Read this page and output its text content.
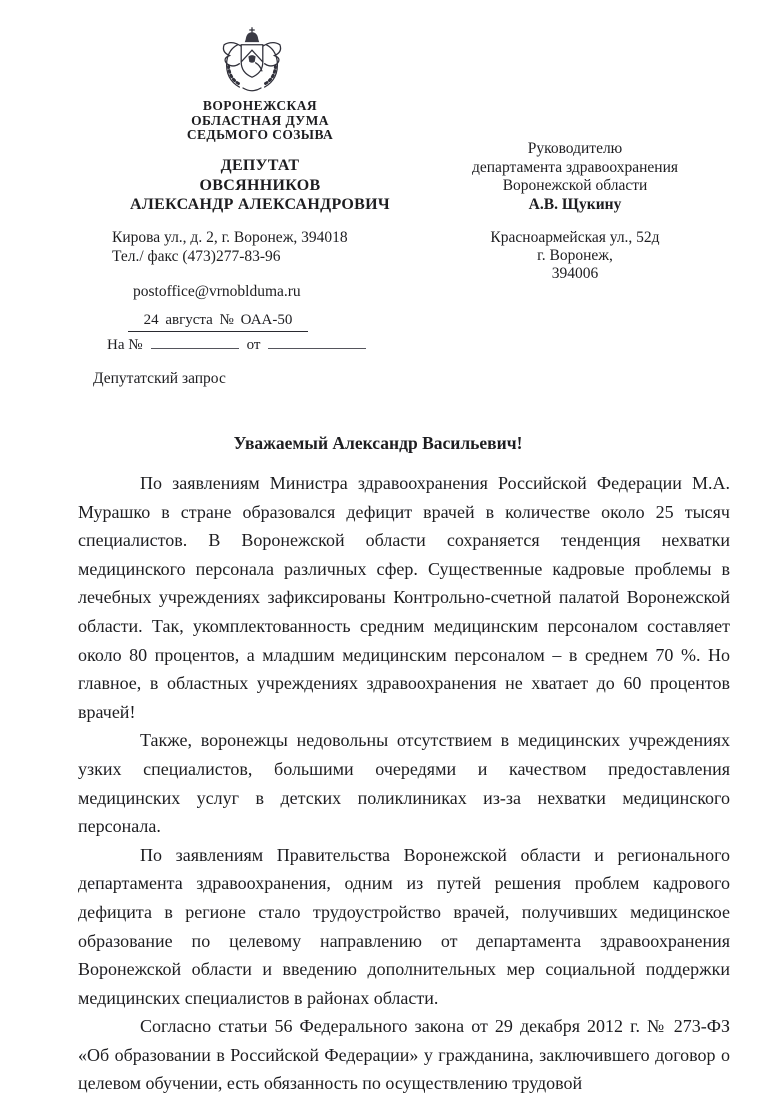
ВОРОНЕЖСКАЯ
ОБЛАСТНАЯ ДУМА
СЕДЬМОГО СОЗЫВА
ДЕПУТАТ
ОВСЯННИКОВ
АЛЕКСАНДР АЛЕКСАНДРОВИЧ
Кирова ул., д. 2, г. Воронеж, 394018
Тел./ факс (473)277-83-96
postoffice@vrnoblduma.ru
24 августа № ОАА-50
На №	от
Руководителю
департамента здравоохранения
Воронежской области
А.В. Щукину
Красноармейская ул., 52д
г. Воронеж,
394006
Депутатский запрос
Уважаемый Александр Васильевич!

По заявлениям Министра здравоохранения Российской Федерации М.А. Мурашко в стране образовался дефицит врачей в количестве около 25 тысяч специалистов. В Воронежской области сохраняется тенденция нехватки медицинского персонала различных сфер. Существенные кадровые проблемы в лечебных учреждениях зафиксированы Контрольно-счетной палатой Воронежской области. Так, укомплектованность средним медицинским персоналом составляет около 80 процентов, а младшим медицинским персоналом – в среднем 70 %. Но главное, в областных учреждениях здравоохранения не хватает до 60 процентов врачей!

Также, воронежцы недовольны отсутствием в медицинских учреждениях узких специалистов, большими очередями и качеством предоставления медицинских услуг в детских поликлиниках из-за нехватки медицинского персонала.

По заявлениям Правительства Воронежской области и регионального департамента здравоохранения, одним из путей решения проблем кадрового дефицита в регионе стало трудоустройство врачей, получивших медицинское образование по целевому направлению от департамента здравоохранения Воронежской области и введению дополнительных мер социальной поддержки медицинских специалистов в районах области.

Согласно статьи 56 Федерального закона от 29 декабря 2012 г. № 273-ФЗ «Об образовании в Российской Федерации» у гражданина, заключившего договор о целевом обучении, есть обязанность по осуществлению трудовой
